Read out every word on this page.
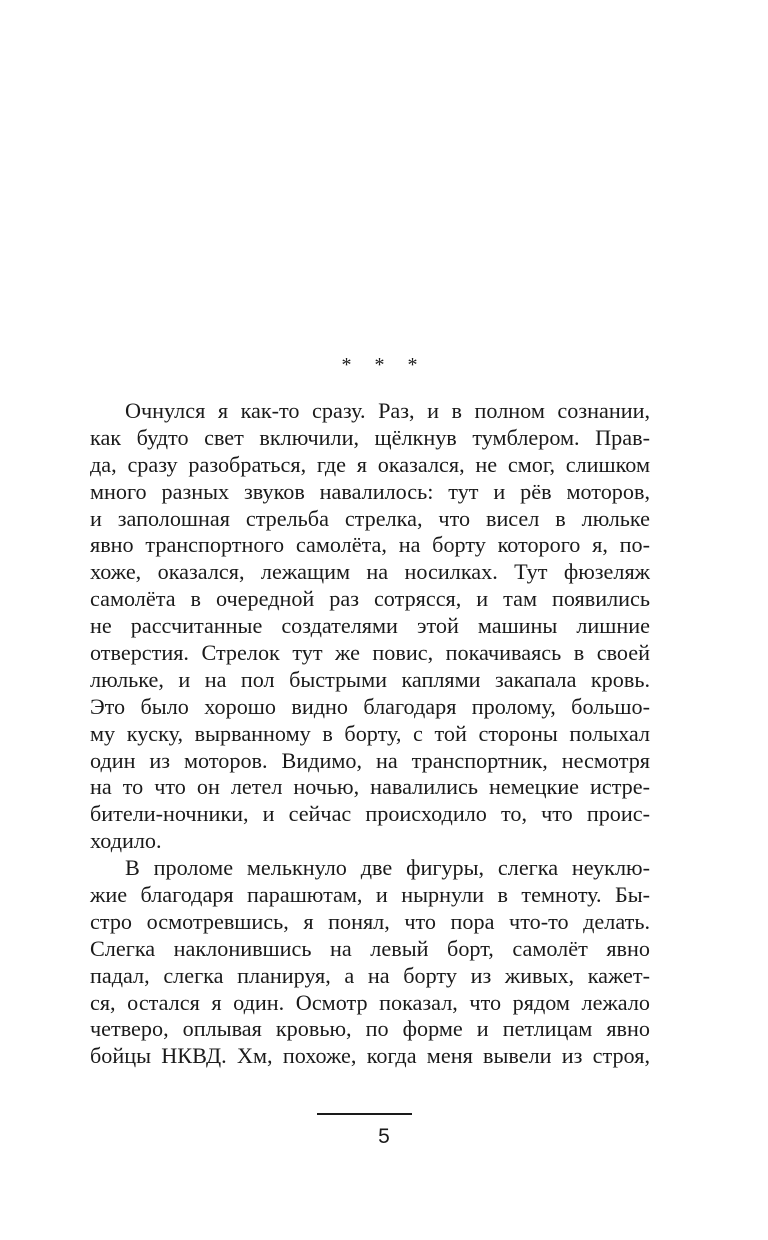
* * *
Очнулся я как-то сразу. Раз, и в полном сознании,
как будто свет включили, щёлкнув тумблером. Прав-
да, сразу разобраться, где я оказался, не смог, слишком
много разных звуков навалилось: тут и рёв моторов,
и заполошная стрельба стрелка, что висел в люльке
явно транспортного самолёта, на борту которого я, по-
хоже, оказался, лежащим на носилках. Тут фюзеляж
самолёта в очередной раз сотрясся, и там появились
не рассчитанные создателями этой машины лишние
отверстия. Стрелок тут же повис, покачиваясь в своей
люльке, и на пол быстрыми каплями закапала кровь.
Это было хорошо видно благодаря пролому, большо-
му куску, вырванному в борту, с той стороны полыхал
один из моторов. Видимо, на транспортник, несмотря
на то что он летел ночью, навалились немецкие истре-
бители-ночники, и сейчас происходило то, что проис-
ходило.
В проломе мелькнуло две фигуры, слегка неуклю-
жие благодаря парашютам, и нырнули в темноту. Бы-
стро осмотревшись, я понял, что пора что-то делать.
Слегка наклонившись на левый борт, самолёт явно
падал, слегка планируя, а на борту из живых, кажет-
ся, остался я один. Осмотр показал, что рядом лежало
четверо, оплывая кровью, по форме и петлицам явно
бойцы НКВД. Хм, похоже, когда меня вывели из строя,
5
